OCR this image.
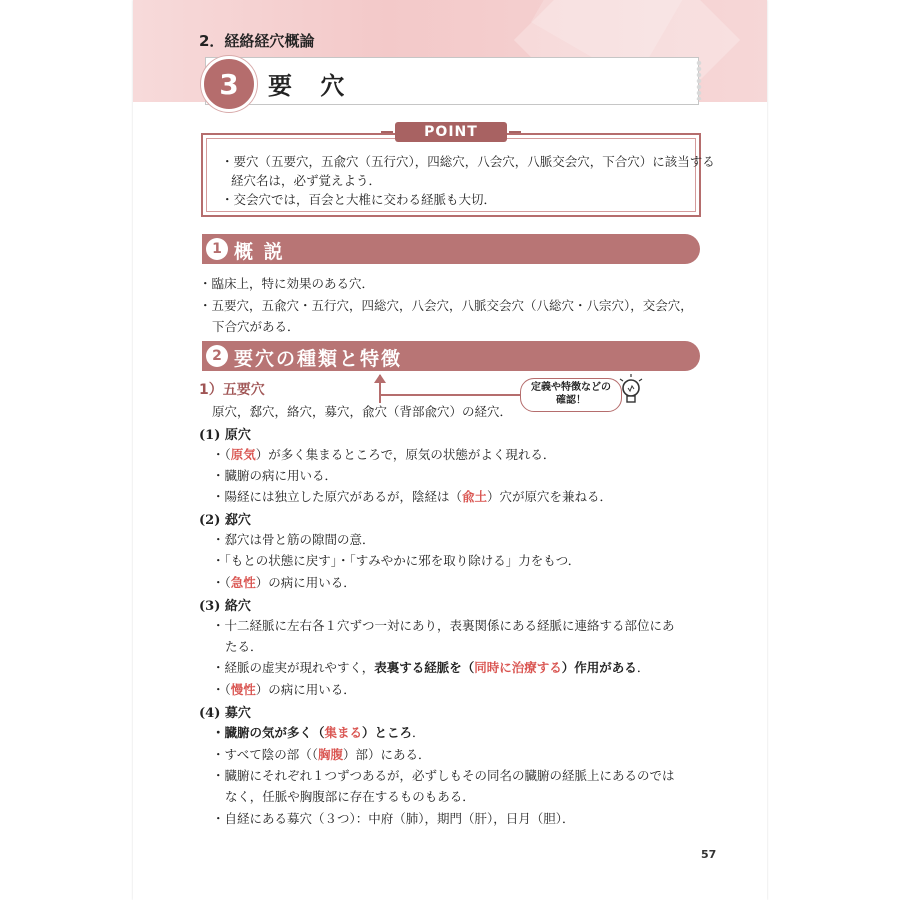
2．経絡経穴概論
3	要 穴
POINT
・要穴（五要穴，五兪穴（五行穴），四総穴，八会穴，八脈交会穴，下合穴）に該当する
経穴名は，必ず覚えよう．
・交会穴では，百会と大椎に交わる経脈も大切．
1 概 説
・臨床上，特に効果のある穴．
・五要穴，五兪穴・五行穴，四総穴，八会穴，八脈交会穴（八総穴・八宗穴），交会穴，
下合穴がある．
2 要穴の種類と特徴
定義や特徴などの
確認！
1）五要穴
原穴，郄穴，絡穴，募穴，兪穴（背部兪穴）の経穴．
(1) 原穴
・（原気）が多く集まるところで，原気の状態がよく現れる．
・臓腑の病に用いる．
・陽経には独立した原穴があるが，陰経は（兪土）穴が原穴を兼ねる．
(2) 郄穴
・郄穴は骨と筋の隙間の意．
・「もとの状態に戻す」・「すみやかに邪を取り除ける」力をもつ．
・（急性）の病に用いる．
(3) 絡穴
・十二経脈に左右各１穴ずつ一対にあり，表裏関係にある経脈に連絡する部位にあ
たる．
・経脈の虚実が現れやすく，表裏する経脈を（同時に治療する）作用がある．
・（慢性）の病に用いる．
(4) 募穴
・臓腑の気が多く（集まる）ところ．
・すべて陰の部（（胸腹）部）にある．
・臓腑にそれぞれ１つずつあるが，必ずしもその同名の臓腑の経脈上にあるのでは
なく，任脈や胸腹部に存在するものもある．
・自経にある募穴（３つ）：中府（肺），期門（肝），日月（胆）．
57
